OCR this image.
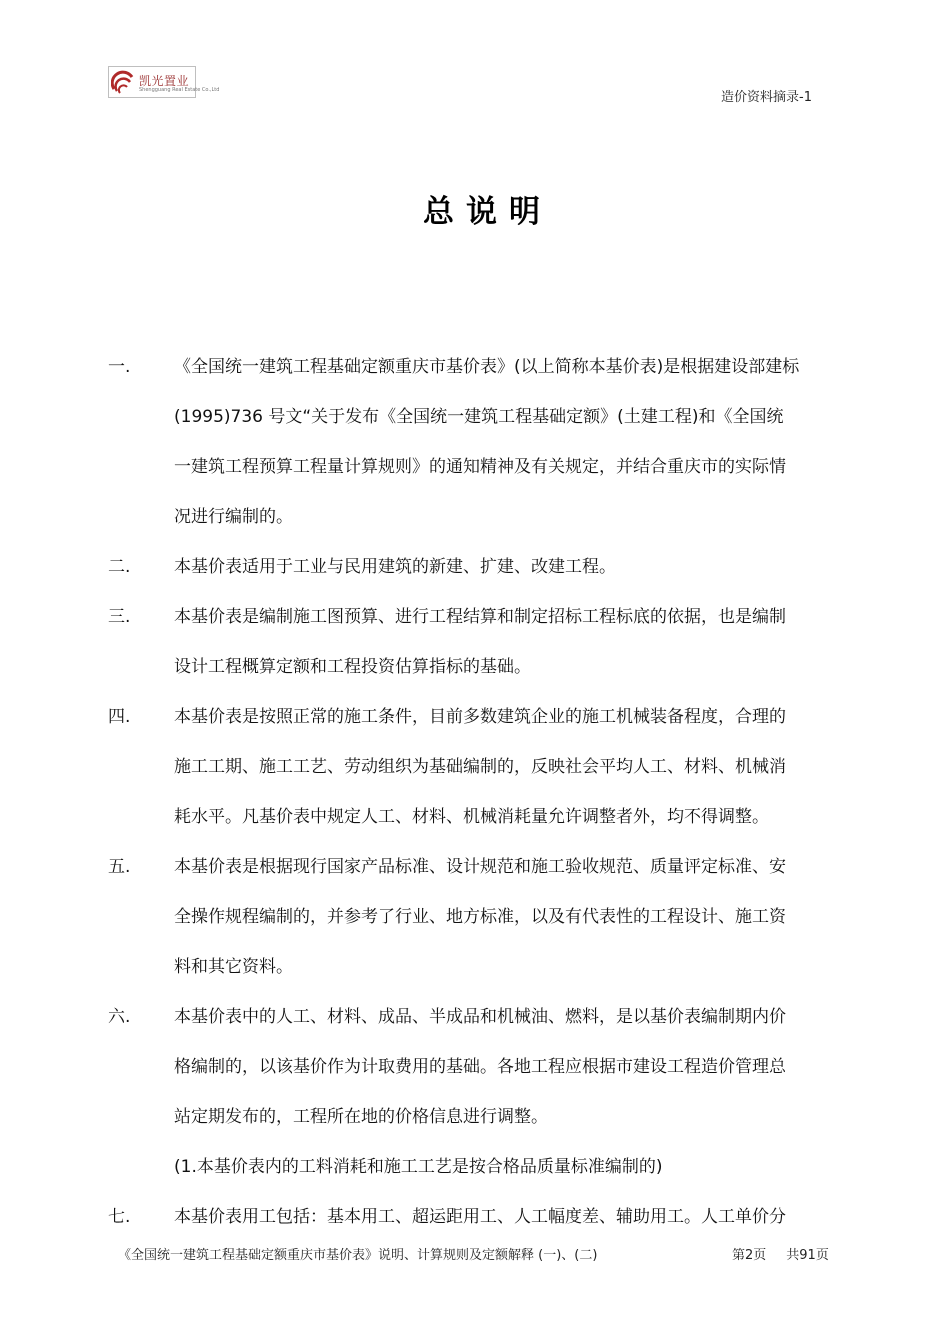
凯光置业
Shengguang Real Estate Co.,Ltd	造价资料摘录-1
总说明
一.	《全国统一建筑工程基础定额重庆市基价表》(以上简称本基价表)是根据建设部建标
(1995)736 号文“关于发布《全国统一建筑工程基础定额》(土建工程)和《全国统
一建筑工程预算工程量计算规则》的通知精神及有关规定，并结合重庆市的实际情
况进行编制的。
二.	本基价表适用于工业与民用建筑的新建、扩建、改建工程。
三.	本基价表是编制施工图预算、进行工程结算和制定招标工程标底的依据，也是编制
设计工程概算定额和工程投资估算指标的基础。
四.	本基价表是按照正常的施工条件，目前多数建筑企业的施工机械装备程度，合理的
施工工期、施工工艺、劳动组织为基础编制的，反映社会平均人工、材料、机械消
耗水平。凡基价表中规定人工、材料、机械消耗量允许调整者外，均不得调整。
五.	本基价表是根据现行国家产品标准、设计规范和施工验收规范、质量评定标准、安
全操作规程编制的，并参考了行业、地方标准，以及有代表性的工程设计、施工资
料和其它资料。
六.	本基价表中的人工、材料、成品、半成品和机械油、燃料，是以基价表编制期内价
格编制的，以该基价作为计取费用的基础。各地工程应根据市建设工程造价管理总
站定期发布的，工程所在地的价格信息进行调整。
(1.本基价表内的工料消耗和施工工艺是按合格品质量标准编制的)
七.	本基价表用工包括：基本用工、超运距用工、人工幅度差、辅助用工。人工单价分
《全国统一建筑工程基础定额重庆市基价表》说明、计算规则及定额解释 (一)、(二)	第2页 共91页
